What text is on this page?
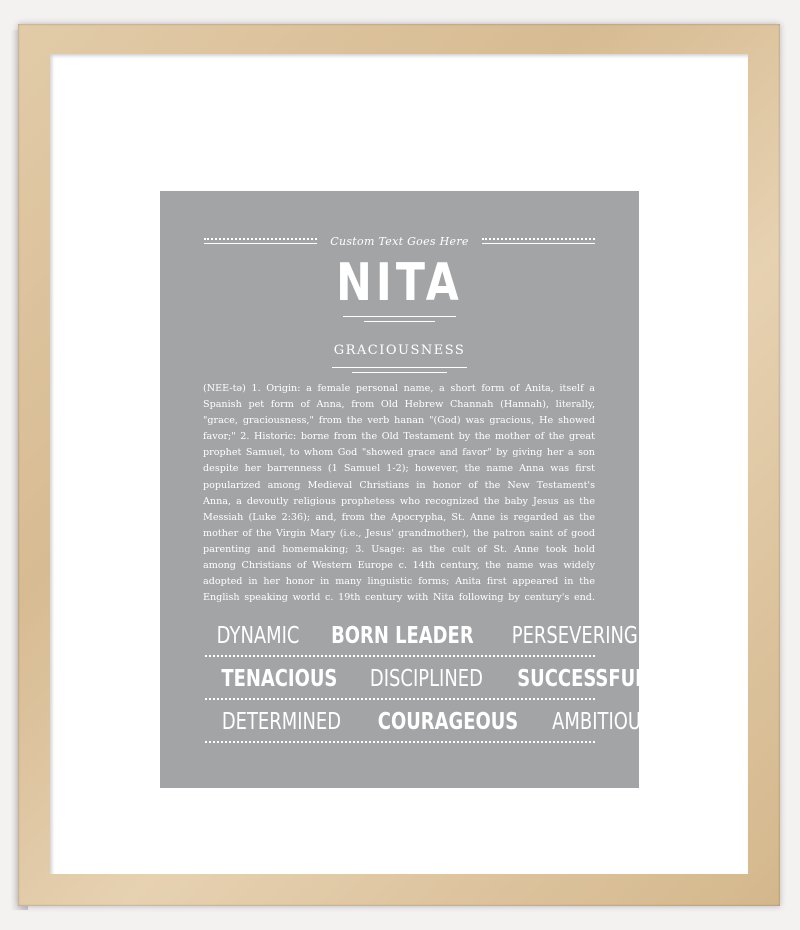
Custom Text Goes Here
NITA
GRACIOUSNESS
(NEE-tə) 1. Origin: a female personal name, a short form of Anita, itself a
Spanish pet form of Anna, from Old Hebrew Channah (Hannah), literally,
"grace, graciousness," from the verb hanan "(God) was gracious, He showed
favor;" 2. Historic: borne from the Old Testament by the mother of the great
prophet Samuel, to whom God "showed grace and favor" by giving her a son
despite her barrenness (1 Samuel 1-2); however, the name Anna was first
popularized among Medieval Christians in honor of the New Testament's
Anna, a devoutly religious prophetess who recognized the baby Jesus as the
Messiah (Luke 2:36); and, from the Apocrypha, St. Anne is regarded as the
mother of the Virgin Mary (i.e., Jesus' grandmother), the patron saint of good
parenting and homemaking; 3. Usage: as the cult of St. Anne took hold
among Christians of Western Europe c. 14th century, the name was widely
adopted in her honor in many linguistic forms; Anita first appeared in the
English speaking world c. 19th century with Nita following by century's end.
DYNAMIC BORN LEADER PERSEVERING
TENACIOUS DISCIPLINED SUCCESSFUL
DETERMINED COURAGEOUS AMBITIOUS
